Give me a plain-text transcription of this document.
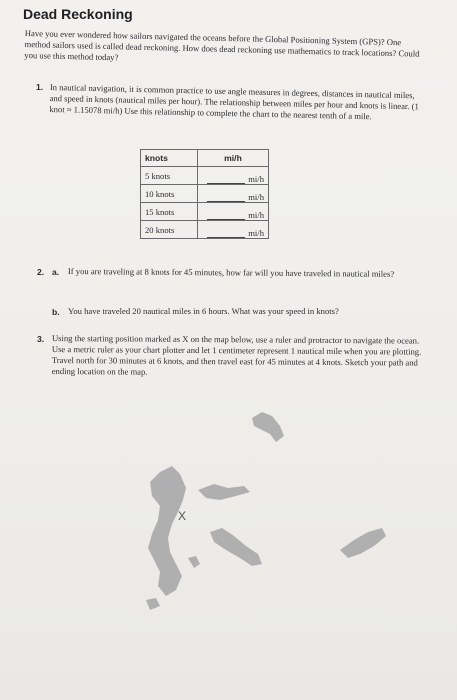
Dead Reckoning

Have you ever wondered how sailors navigated the oceans before the Global Positioning System (GPS)? One method sailors used is called dead reckoning. How does dead reckoning use mathematics to track locations? Could you use this method today?

1. In nautical navigation, it is common practice to use angle measures in degrees, distances in nautical miles, and speed in knots (nautical miles per hour). The relationship between miles per hour and knots is linear. (1 knot ≈ 1.15078 mi/h) Use this relationship to complete the chart to the nearest tenth of a mile.

knots	mi/h
5 knots	mi/h
10 knots	mi/h
15 knots	mi/h
20 knots	mi/h
2. a. If you are traveling at 8 knots for 45 minutes, how far will you have traveled in nautical miles?

b. You have traveled 20 nautical miles in 6 hours. What was your speed in knots?

3. Using the starting position marked as X on the map below, use a ruler and protractor to navigate the ocean. Use a metric ruler as your chart plotter and let 1 centimeter represent 1 nautical mile when you are plotting. Travel north for 30 minutes at 6 knots, and then travel east for 45 minutes at 4 knots. Sketch your path and ending location on the map.

X
